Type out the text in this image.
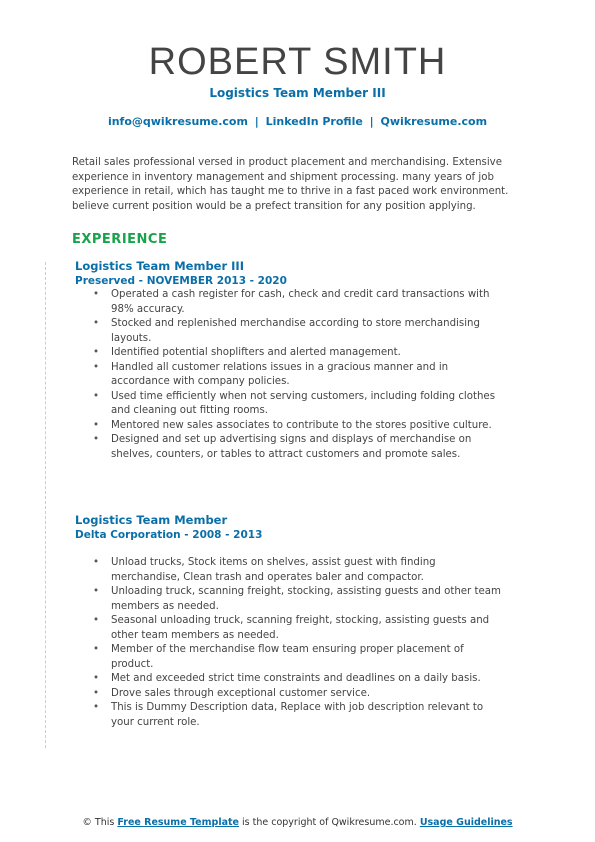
ROBERT SMITH
Logistics Team Member III
info@qwikresume.com | LinkedIn Profile | Qwikresume.com
Retail sales professional versed in product placement and merchandising. Extensive experience in inventory management and shipment processing. many years of job experience in retail, which has taught me to thrive in a fast paced work environment. believe current position would be a prefect transition for any position applying.
EXPERIENCE
Logistics Team Member III
Preserved - NOVEMBER 2013 - 2020
• Operated a cash register for cash, check and credit card transactions with 98% accuracy.
• Stocked and replenished merchandise according to store merchandising layouts.
• Identified potential shoplifters and alerted management.
• Handled all customer relations issues in a gracious manner and in accordance with company policies.
• Used time efficiently when not serving customers, including folding clothes and cleaning out fitting rooms.
• Mentored new sales associates to contribute to the stores positive culture.
• Designed and set up advertising signs and displays of merchandise on shelves, counters, or tables to attract customers and promote sales.
Logistics Team Member
Delta Corporation - 2008 - 2013
• Unload trucks, Stock items on shelves, assist guest with finding merchandise, Clean trash and operates baler and compactor.
• Unloading truck, scanning freight, stocking, assisting guests and other team members as needed.
• Seasonal unloading truck, scanning freight, stocking, assisting guests and other team members as needed.
• Member of the merchandise flow team ensuring proper placement of product.
• Met and exceeded strict time constraints and deadlines on a daily basis.
• Drove sales through exceptional customer service.
• This is Dummy Description data, Replace with job description relevant to your current role.
© This Free Resume Template is the copyright of Qwikresume.com. Usage Guidelines
